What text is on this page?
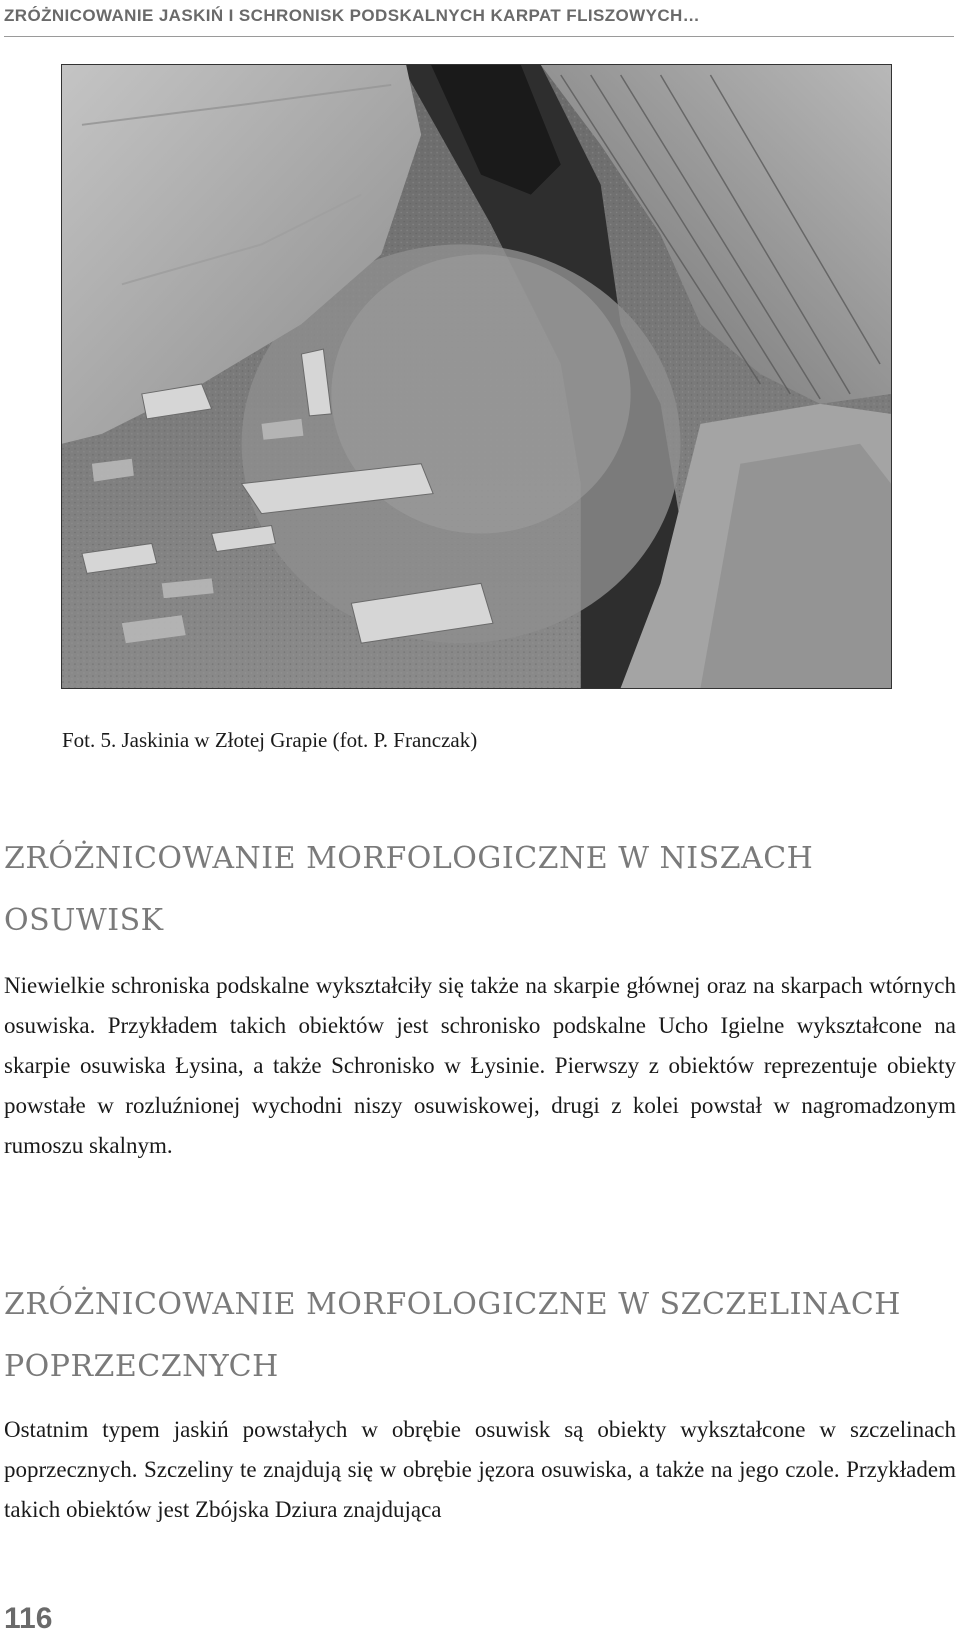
ZRÓŻNICOWANIE JASKIŃ I SCHRONISK PODSKALNYCH KARPAT FLISZOWYCH…
Fot. 5. Jaskinia w Złotej Grapie (fot. P. Franczak)
ZRÓŻNICOWANIE MORFOLOGICZNE W NISZACH OSUWISK

Niewielkie schroniska podskalne wykształciły się także na skarpie głównej oraz na skarpach wtórnych osuwiska. Przykładem takich obiektów jest schronisko podskalne Ucho Igielne wykształcone na skarpie osuwiska Łysina, a także Schronisko w Łysinie. Pierwszy z obiektów reprezentuje obiekty powstałe w rozluźnionej wychodni niszy osuwiskowej, drugi z kolei powstał w nagromadzonym rumoszu skalnym.

ZRÓŻNICOWANIE MORFOLOGICZNE W SZCZELINACH POPRZECZNYCH

Ostatnim typem jaskiń powstałych w obrębie osuwisk są obiekty wykształcone w szczelinach poprzecznych. Szczeliny te znajdują się w obrębie jęzora osuwiska, a także na jego czole. Przykładem takich obiektów jest Zbójska Dziura znajdująca

116
